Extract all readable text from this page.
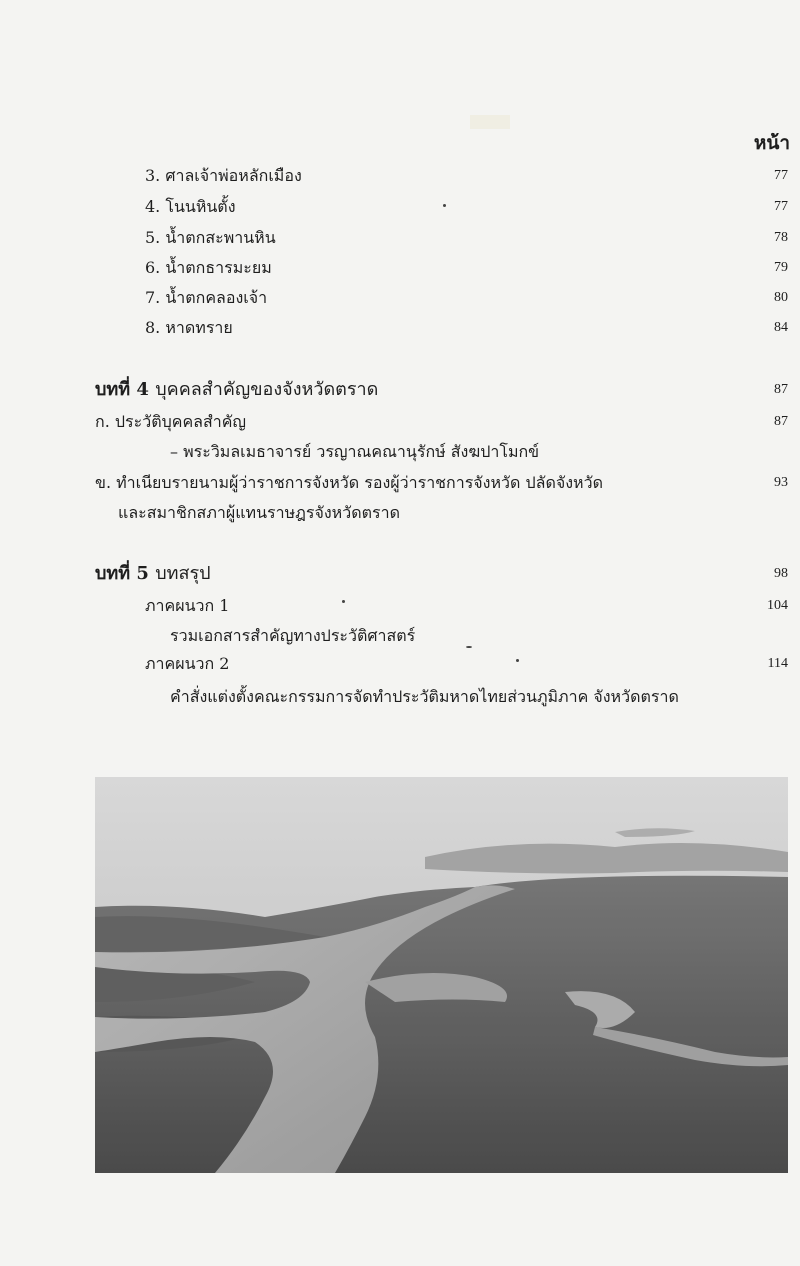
หน้า
3. ศาลเจ้าพ่อหลักเมือง	77
4. โนนหินตั้ง	77
5. น้ำตกสะพานหิน	78
6. น้ำตกธารมะยม	79
7. น้ำตกคลองเจ้า	80
8. หาดทราย	84
บทที่ 4 บุคคลสำคัญของจังหวัดตราด	87
ก. ประวัติบุคคลสำคัญ	87
– พระวิมลเมธาจารย์ วรญาณคณานุรักษ์ สังฆปาโมกข์
ข. ทำเนียบรายนามผู้ว่าราชการจังหวัด รองผู้ว่าราชการจังหวัด ปลัดจังหวัด	93
และสมาชิกสภาผู้แทนราษฎรจังหวัดตราด
บทที่ 5 บทสรุป	98
ภาคผนวก 1	104
รวมเอกสารสำคัญทางประวัติศาสตร์
ภาคผนวก 2	114
คำสั่งแต่งตั้งคณะกรรมการจัดทำประวัติมหาดไทยส่วนภูมิภาค จังหวัดตราด
